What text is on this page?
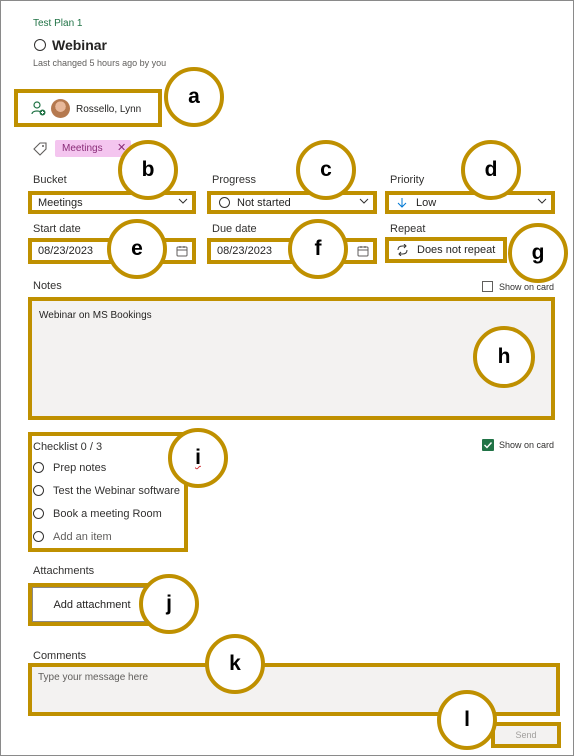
Test Plan 1
Webinar
Last changed 5 hours ago by you
Rossello, Lynn
a
Meetings ✕
Bucket	Progress	Priority
Meetings	Not started	Low
b	c	d
Start date	Due date	Repeat
08/23/2023	08/23/2023	Does not repeat
e	f	g
Notes	Show on card
Webinar on MS Bookings
h
Checklist 0 / 3	Show on card
Prep notes
Test the Webinar software
Book a meeting Room
Add an item
i
Attachments
Add attachment	j
Comments
Type your message here
k
Send
l
